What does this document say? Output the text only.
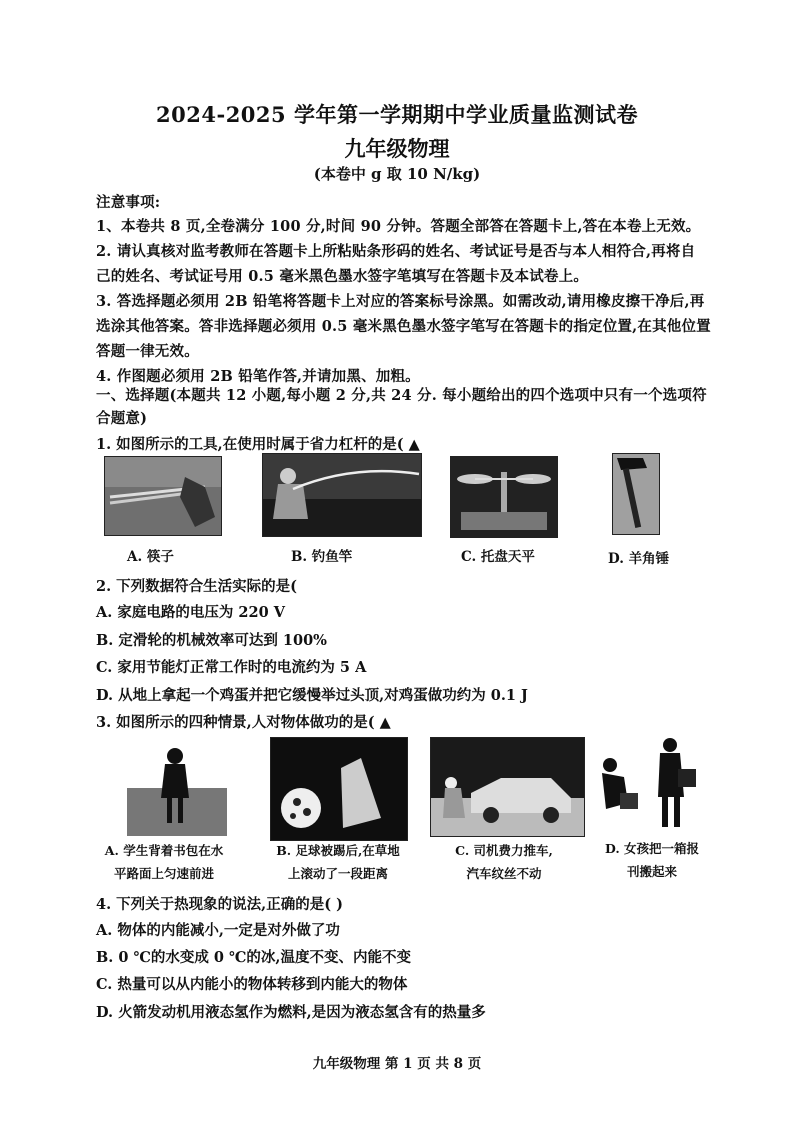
2024-2025 学年第一学期期中学业质量监测试卷
九年级物理
(本卷中 g 取 10 N/kg)
注意事项:
1、本卷共 8 页,全卷满分 100 分,时间 90 分钟。答题全部答在答题卡上,答在本卷上无效。
2. 请认真核对监考教师在答题卡上所粘贴条形码的姓名、考试证号是否与本人相符合,再将自
己的姓名、考试证号用 0.5 毫米黑色墨水签字笔填写在答题卡及本试卷上。
3. 答选择题必须用 2B 铅笔将答题卡上对应的答案标号涂黑。如需改动,请用橡皮擦干净后,再
选涂其他答案。答非选择题必须用 0.5 毫米黑色墨水签字笔写在答题卡的指定位置,在其他位置
答题一律无效。
4. 作图题必须用 2B 铅笔作答,并请加黑、加粗。
一、选择题(本题共 12 小题,每小题 2 分,共 24 分. 每小题给出的四个选项中只有一个选项符
合题意)
1. 如图所示的工具,在使用时属于省力杠杆的是( ▲
A. 筷子	B. 钓鱼竿	C. 托盘天平	D. 羊角锤
2. 下列数据符合生活实际的是(
A. 家庭电路的电压为 220 V
B. 定滑轮的机械效率可达到 100%
C. 家用节能灯正常工作时的电流约为 5 A
D. 从地上拿起一个鸡蛋并把它缓慢举过头顶,对鸡蛋做功约为 0.1 J
3. 如图所示的四种情景,人对物体做功的是( ▲
A. 学生背着书包在水
平路面上匀速前进
B. 足球被踢后,在草地
上滚动了一段距离
C. 司机费力推车,
汽车纹丝不动
D. 女孩把一箱报
刊搬起来
4. 下列关于热现象的说法,正确的是( )
A. 物体的内能减小,一定是对外做了功
B. 0 ℃的水变成 0 ℃的冰,温度不变、内能不变
C. 热量可以从内能小的物体转移到内能大的物体
D. 火箭发动机用液态氢作为燃料,是因为液态氢含有的热量多
九年级物理 第 1 页 共 8 页
